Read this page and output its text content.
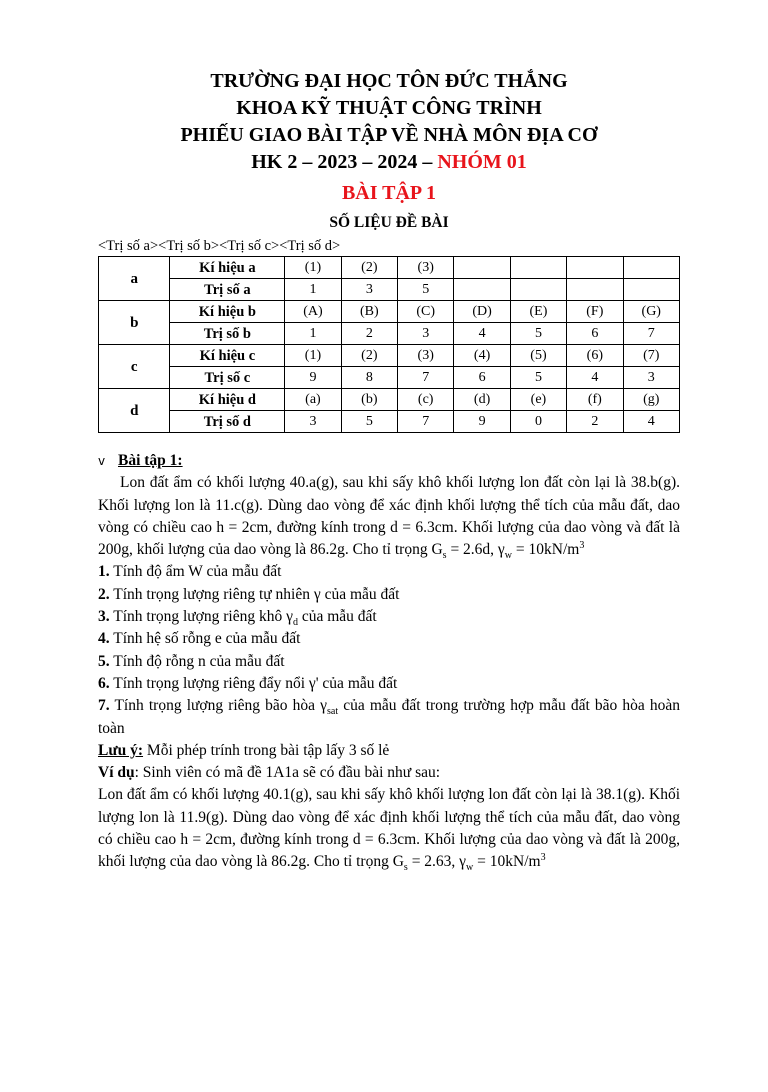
TRƯỜNG ĐẠI HỌC TÔN ĐỨC THẮNG
KHOA KỸ THUẬT CÔNG TRÌNH
PHIẾU GIAO BÀI TẬP VỀ NHÀ MÔN ĐỊA CƠ
HK 2 – 2023 – 2024 – NHÓM 01
BÀI TẬP 1
SỐ LIỆU ĐỀ BÀI
<Trị số a><Trị số b><Trị số c><Trị số d>
a	Kí hiệu a	(1)	(2)	(3)				
	Trị số a	1	3	5				
b	Kí hiệu b	(A)	(B)	(C)	(D)	(E)	(F)	(G)
	Trị số b	1	2	3	4	5	6	7
c	Kí hiệu c	(1)	(2)	(3)	(4)	(5)	(6)	(7)
	Trị số c	9	8	7	6	5	4	3
d	Kí hiệu d	(a)	(b)	(c)	(d)	(e)	(f)	(g)
	Trị số d	3	5	7	9	0	2	4
v Bài tập 1:

Lon đất ẩm có khối lượng 40.a(g), sau khi sấy khô khối lượng lon đất còn lại là 38.b(g). Khối lượng lon là 11.c(g). Dùng dao vòng để xác định khối lượng thể tích của mẫu đất, dao vòng có chiều cao h = 2cm, đường kính trong d = 6.3cm. Khối lượng của dao vòng và đất là 200g, khối lượng của dao vòng là 86.2g. Cho tỉ trọng $G_s = 2.6d$, $\gamma_w = 10kN/m^3$

1. Tính độ ẩm W của mẫu đất

2. Tính trọng lượng riêng tự nhiên γ của mẫu đất

3. Tính trọng lượng riêng khô $\gamma_d$ của mẫu đất

4. Tính hệ số rỗng e của mẫu đất

5. Tính độ rỗng n của mẫu đất

6. Tính trọng lượng riêng đẩy nổi γ' của mẫu đất

7. Tính trọng lượng riêng bão hòa $\gamma_{sat}$ của mẫu đất trong trường hợp mẫu đất bão hòa hoàn toàn

Lưu ý: Mỗi phép trính trong bài tập lấy 3 số lẻ

Ví dụ: Sinh viên có mã đề 1A1a sẽ có đầu bài như sau:

Lon đất ẩm có khối lượng 40.1(g), sau khi sấy khô khối lượng lon đất còn lại là 38.1(g). Khối lượng lon là 11.9(g). Dùng dao vòng để xác định khối lượng thể tích của mẫu đất, dao vòng có chiều cao h = 2cm, đường kính trong d = 6.3cm. Khối lượng của dao vòng và đất là 200g, khối lượng của dao vòng là 86.2g. Cho tỉ trọng $G_s = 2.63$, $\gamma_w = 10kN/m^3$
